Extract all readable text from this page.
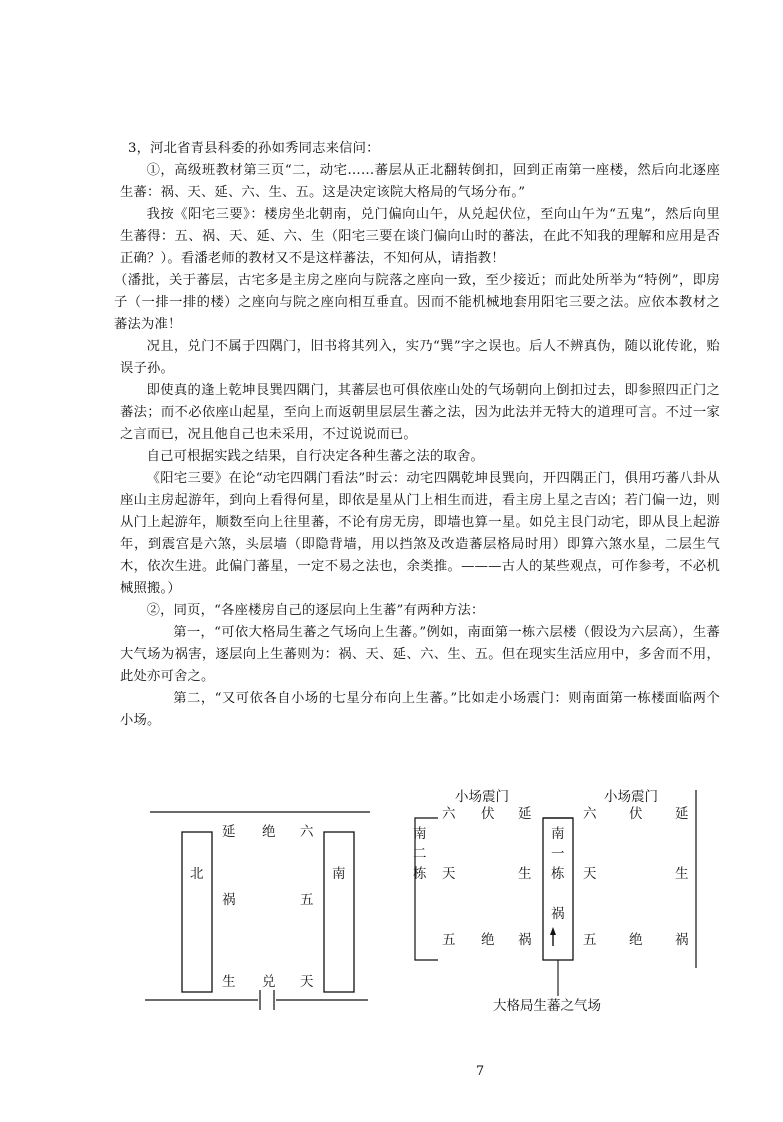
3，河北省青县科委的孙如秀同志来信问：

①，高级班教材第三页“二，动宅……蕃层从正北翻转倒扣，回到正南第一座楼，然后向北逐座生蕃：祸、天、延、六、生、五。这是决定该院大格局的气场分布。”

我按《阳宅三要》：楼房坐北朝南，兑门偏向山午，从兑起伏位，至向山午为“五鬼”，然后向里生蕃得：五、祸、天、延、六、生（阳宅三要在谈门偏向山时的蕃法，在此不知我的理解和应用是否正确？）。看潘老师的教材又不是这样蕃法，不知何从，请指教！

（潘批，关于蕃层，古宅多是主房之座向与院落之座向一致，至少接近；而此处所举为“特例”，即房子（一排一排的楼）之座向与院之座向相互垂直。因而不能机械地套用阳宅三要之法。应依本教材之蕃法为准！

况且，兑门不属于四隅门，旧书将其列入，实乃“巽”字之误也。后人不辨真伪，随以讹传讹，贻误子孙。

即使真的逢上乾坤艮巽四隅门，其蕃层也可俱依座山处的气场朝向上倒扣过去，即参照四正门之蕃法；而不必依座山起星，至向上而返朝里层层生蕃之法，因为此法并无特大的道理可言。不过一家之言而已，况且他自己也未采用，不过说说而已。

自己可根据实践之结果，自行决定各种生蕃之法的取舍。

《阳宅三要》在论“动宅四隅门看法”时云：动宅四隅乾坤艮巽向，开四隅正门，俱用巧蕃八卦从座山主房起游年，到向上看得何星，即依是星从门上相生而进，看主房上星之吉凶；若门偏一边，则从门上起游年，顺数至向上往里蕃，不论有房无房，即墙也算一星。如兑主艮门动宅，即从艮上起游年，到震宫是六煞，头层墙（即隐背墙，用以挡煞及改造蕃层格局时用）即算六煞水星，二层生气木，依次生进。此偏门蕃星，一定不易之法也，余类推。———古人的某些观点，可作参考，不必机械照搬。）

②，同页，“各座楼房自己的逐层向上生蕃”有两种方法：

第一，“可依大格局生蕃之气场向上生蕃。”例如，南面第一栋六层楼（假设为六层高），生蕃大气场为祸害，逐层向上生蕃则为：祸、天、延、六、生、五。但在现实生活应用中，多舍而不用，此处亦可舍之。

第二，“又可依各自小场的七星分布向上生蕃。”比如走小场震门：则南面第一栋楼面临两个小场。

北	南
延 绝 六
祸	五
生 兑 天
小场震门	小场震门
六 伏 延	六 伏 延
南
二
栋
南
一
栋
祸
天	生	天	生
五 绝 祸	五 绝 祸
大格局生蕃之气场
7
